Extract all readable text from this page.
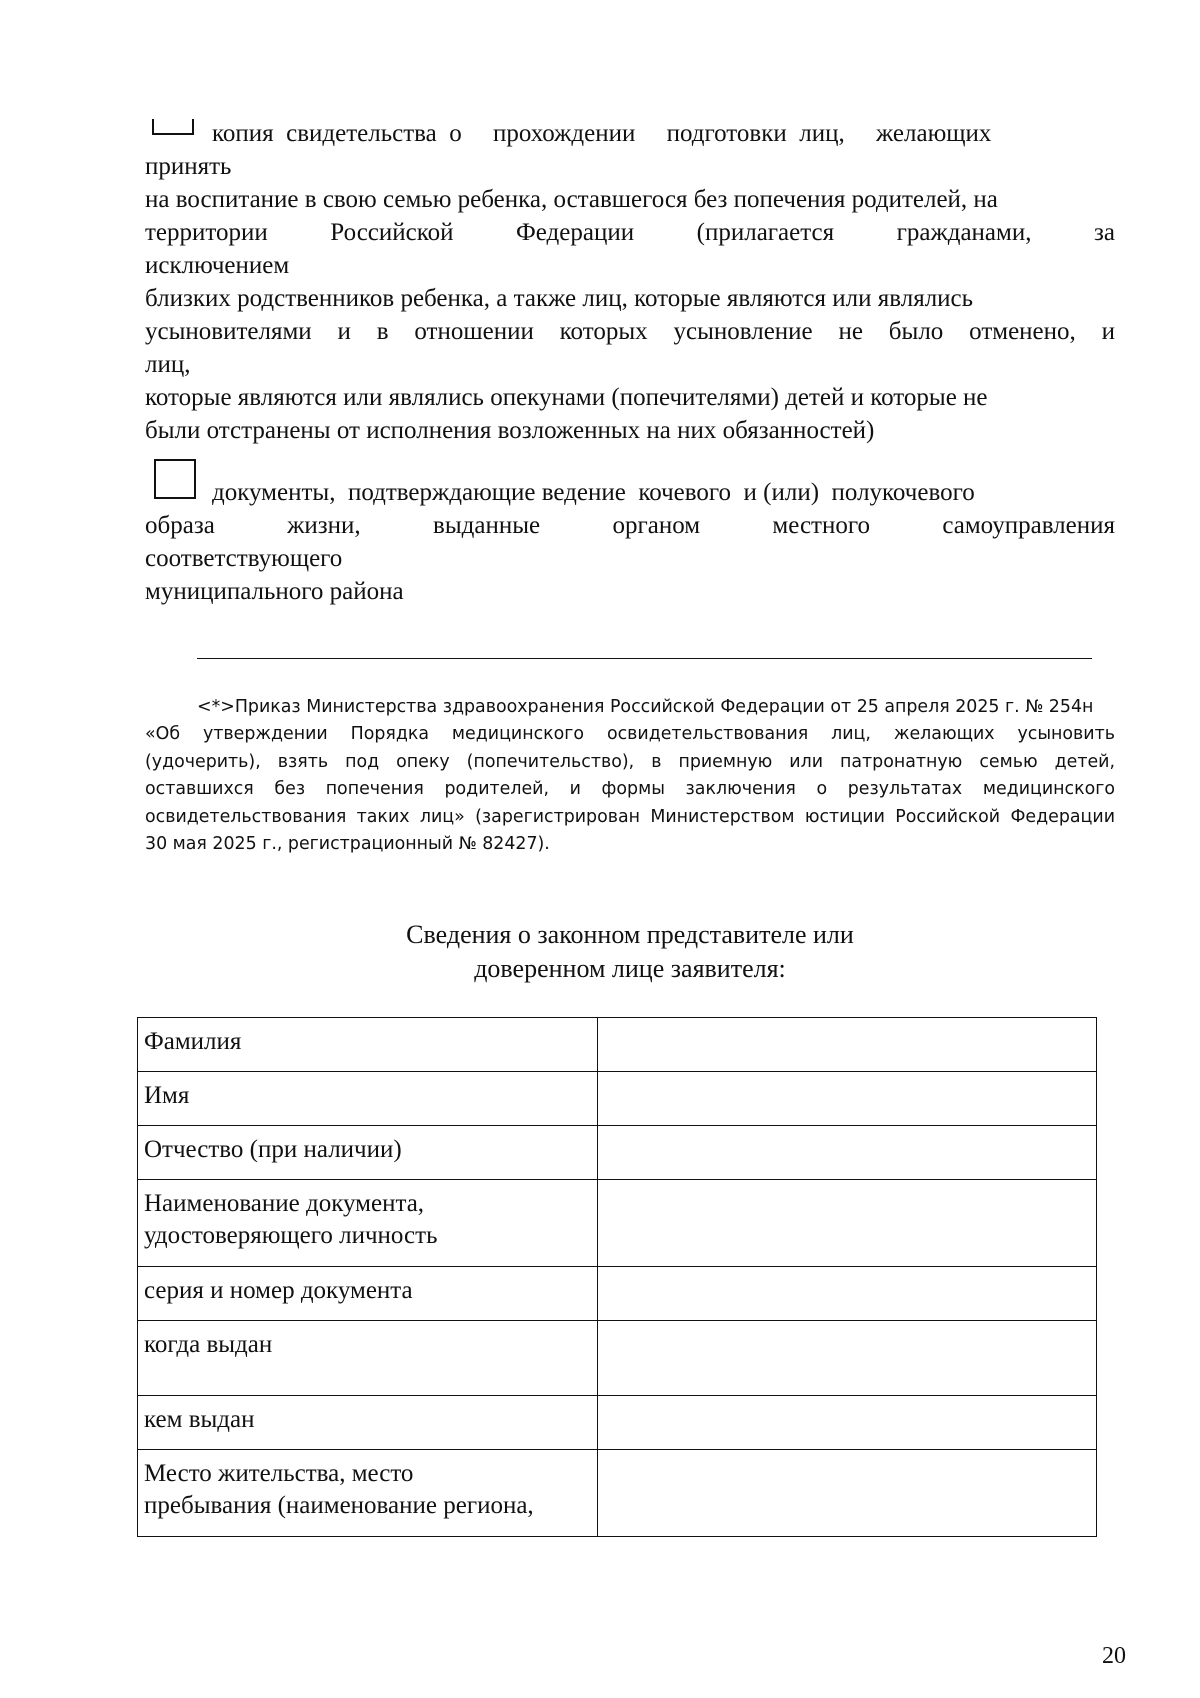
копия  свидетельства  о     прохождении     подготовки  лиц,     желающих
принять
на воспитание в свою семью ребенка, оставшегося без попечения родителей, на
территории Российской Федерации (прилагается гражданами, за
исключением
близких родственников ребенка, а также лиц, которые являются или являлись
усыновителями и в отношении которых усыновление не было отменено, и
лиц,
которые являются или являлись опекунами (попечителями) детей и которые не
были отстранены от исполнения возложенных на них обязанностей)
документы,  подтверждающие ведение  кочевого  и (или)  полукочевого
образа жизни, выданные органом местного самоуправления
соответствующего
муниципального района
<*>Приказ Министерства здравоохранения Российской Федерации от 25 апреля 2025 г. № 254н
«Об утверждении Порядка медицинского освидетельствования лиц, желающих усыновить
(удочерить), взять под опеку (попечительство), в приемную или патронатную семью детей,
оставшихся без попечения родителей, и формы заключения о результатах медицинского
освидетельствования таких лиц» (зарегистрирован Министерством юстиции Российской Федерации
30 мая 2025 г., регистрационный № 82427).
Сведения о законном представителе или
доверенном лице заявителя:
Фамилия	
Имя	
Отчество (при наличии)	

Наименование документа,
удостоверяющего личность	

серия и номер документа	
когда выдан	
кем выдан	

Место жительства, место
пребывания (наименование региона,	

20
